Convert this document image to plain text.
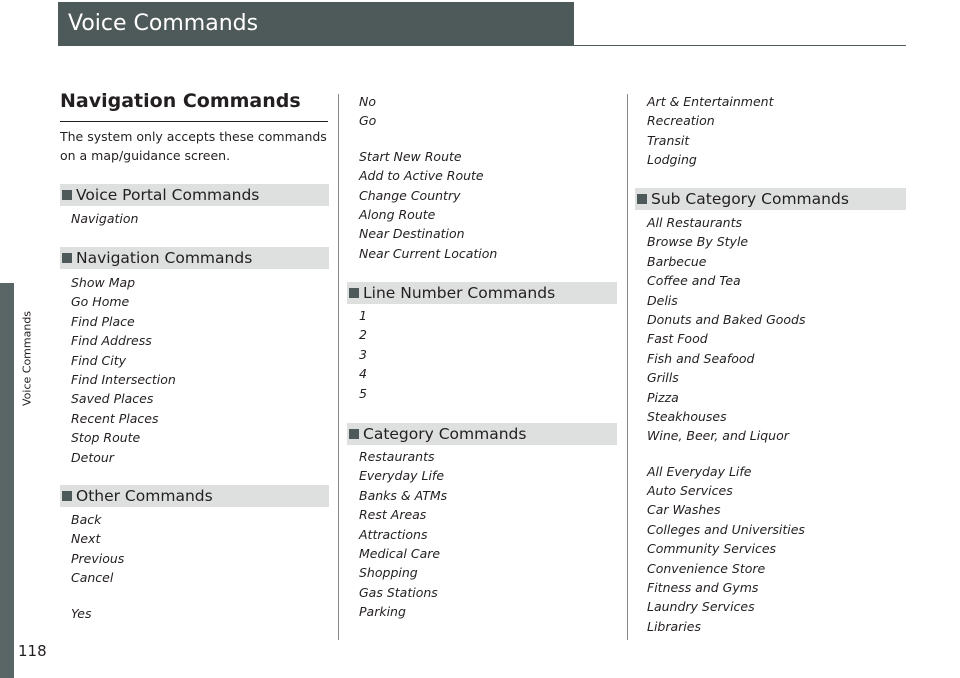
Voice Commands
118
Voice Commands
Navigation Commands
The system only accepts these commands on a map/guidance screen.
Voice Portal Commands
Navigation
Navigation Commands
Show Map
Go Home
Find Place
Find Address
Find City
Find Intersection
Saved Places
Recent Places
Stop Route
Detour
Other Commands
Back
Next
Previous
Cancel
Yes
No
Go
Start New Route
Add to Active Route
Change Country
Along Route
Near Destination
Near Current Location
Line Number Commands
1
2
3
4
5
Category Commands
Restaurants
Everyday Life
Banks & ATMs
Rest Areas
Attractions
Medical Care
Shopping
Gas Stations
Parking
Art & Entertainment
Recreation
Transit
Lodging
Sub Category Commands
All Restaurants
Browse By Style
Barbecue
Coffee and Tea
Delis
Donuts and Baked Goods
Fast Food
Fish and Seafood
Grills
Pizza
Steakhouses
Wine, Beer, and Liquor
All Everyday Life
Auto Services
Car Washes
Colleges and Universities
Community Services
Convenience Store
Fitness and Gyms
Laundry Services
Libraries
